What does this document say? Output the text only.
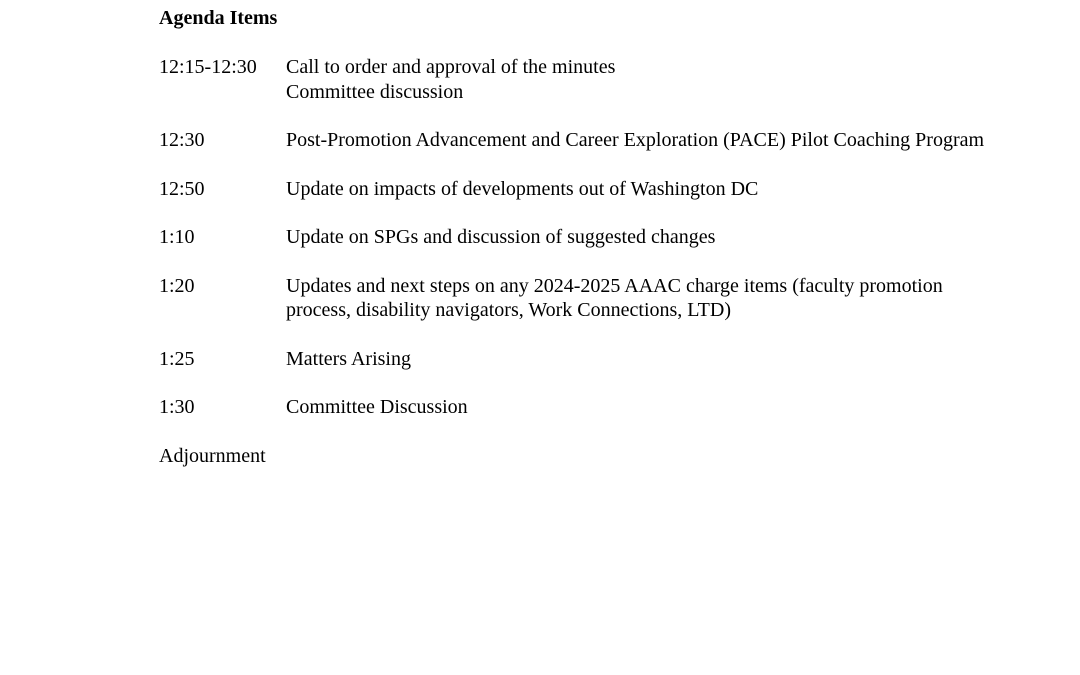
Agenda Items
12:15-12:30	Call to order and approval of the minutes
Committee discussion
12:30	Post-Promotion Advancement and Career Exploration (PACE) Pilot Coaching Program
12:50	Update on impacts of developments out of Washington DC
1:10	Update on SPGs and discussion of suggested changes
1:20	Updates and next steps on any 2024-2025 AAAC charge items (faculty promotion process, disability navigators, Work Connections, LTD)
1:25	Matters Arising
1:30	Committee Discussion
Adjournment
